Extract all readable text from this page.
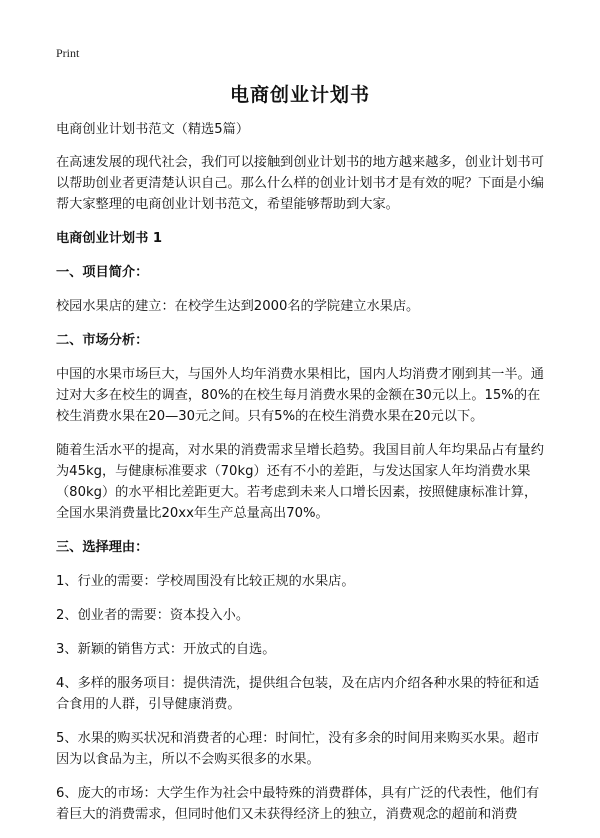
Print
电商创业计划书

电商创业计划书范文（精选5篇）

在高速发展的现代社会，我们可以接触到创业计划书的地方越来越多，创业计划书可以帮助创业者更清楚认识自己。那么什么样的创业计划书才是有效的呢？下面是小编帮大家整理的电商创业计划书范文，希望能够帮助到大家。

电商创业计划书 1

一、项目简介：

校园水果店的建立：在校学生达到2000名的学院建立水果店。

二、市场分析：

中国的水果市场巨大，与国外人均年消费水果相比，国内人均消费才刚到其一半。通过对大多在校生的调查，80%的在校生每月消费水果的金额在30元以上。15%的在校生消费水果在20—30元之间。只有5%的在校生消费水果在20元以下。

随着生活水平的提高，对水果的消费需求呈增长趋势。我国目前人年均果品占有量约为45kg，与健康标准要求（70kg）还有不小的差距，与发达国家人年均消费水果（80kg）的水平相比差距更大。若考虑到未来人口增长因素，按照健康标准计算，全国水果消费量比20xx年生产总量高出70%。

三、选择理由：

1、行业的需要：学校周围没有比较正规的水果店。

2、创业者的需要：资本投入小。

3、新颖的销售方式：开放式的自选。

4、多样的服务项目：提供清洗，提供组合包装，及在店内介绍各种水果的特征和适合食用的人群，引导健康消费。

5、水果的购买状况和消费者的心理：时间忙，没有多余的时间用来购买水果。超市因为以食品为主，所以不会购买很多的水果。

6、庞大的市场：大学生作为社会中最特殊的消费群体，具有广泛的代表性，他们有着巨大的消费需求，但同时他们又未获得经济上的独立，消费观念的超前和消费
